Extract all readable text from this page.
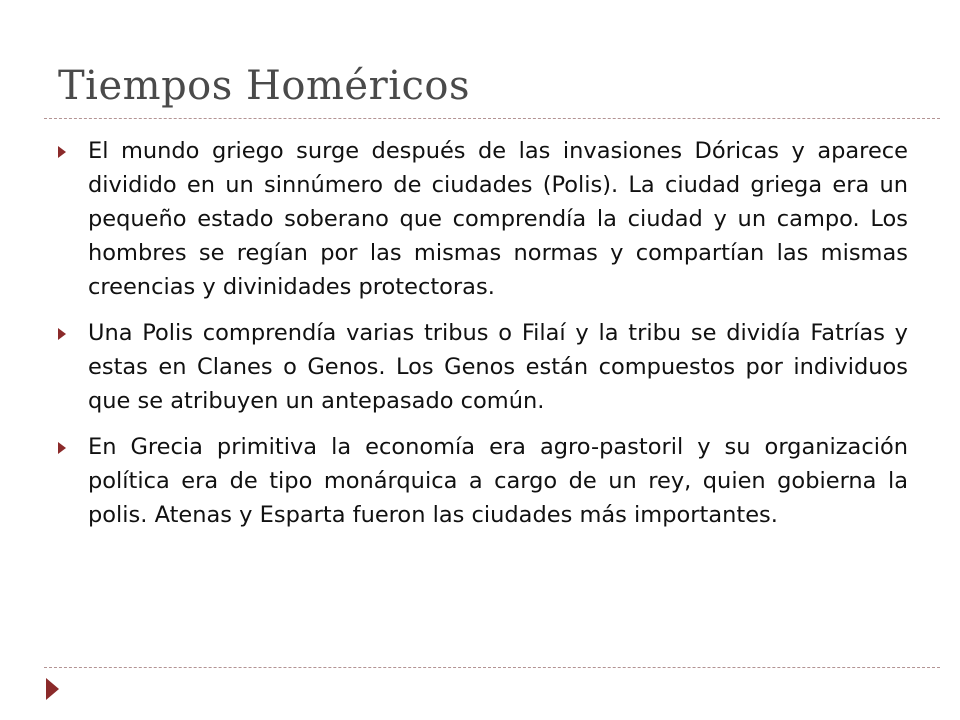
Tiempos Homéricos
El mundo griego surge después de las invasiones Dóricas y aparece dividido en un sinnúmero de ciudades (Polis). La ciudad griega era un pequeño estado soberano que comprendía la ciudad y un campo. Los hombres se regían por las mismas normas y compartían las mismas creencias y divinidades protectoras.
Una Polis comprendía varias tribus o Filaí y la tribu se dividía Fatrías y estas en Clanes o Genos. Los Genos están compuestos por individuos que se atribuyen un antepasado común.
En Grecia primitiva la economía era agro-pastoril y su organización política era de tipo monárquica a cargo de un rey, quien gobierna la polis. Atenas y Esparta fueron las ciudades más importantes.
